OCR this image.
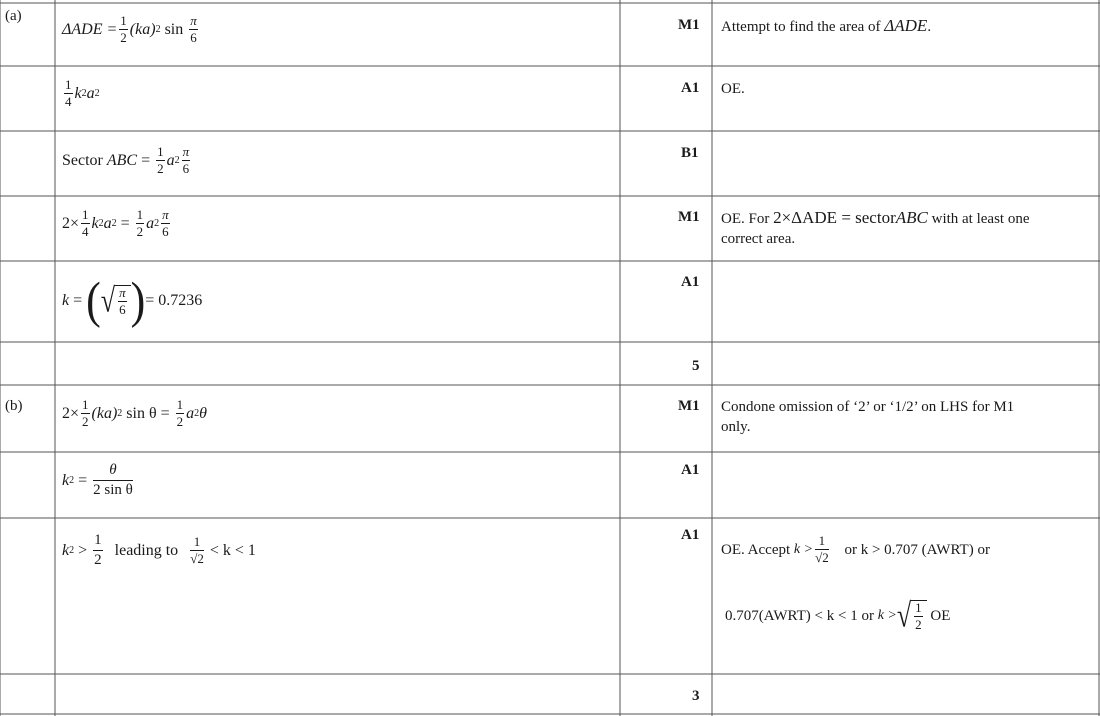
(a)
ΔADE = 1
2 (ka) 2 sin π
6
M1 Attempt to find the area of ΔADE.
1
4 k 2 a 2	A1 OE.
Sector ABC = 1
2 a 2
π
6
B1
2× 1
4 k 2 a 2 = 1
2 a 2
π
6
M1 OE. For 2×ΔADE = sectorABC with at least one
correct area.
k = ( √ π
6 ) = 0.7236
A1
5
(b) 2× 1
2 (ka) 2 sin θ = 1
2 a 2 θ	M1 Condone omission of ‘2’ or ‘1/2’ on LHS for M1
only.
k 2 =
θ
2 sin θ
A1
k 2 >
1
2
leading to 1
√2 < k < 1
A1
OE. Accept k >
1
√2 or k > 0.707 (AWRT) or
0.707(AWRT) < k < 1 or k > √ 1
2
OE
3
